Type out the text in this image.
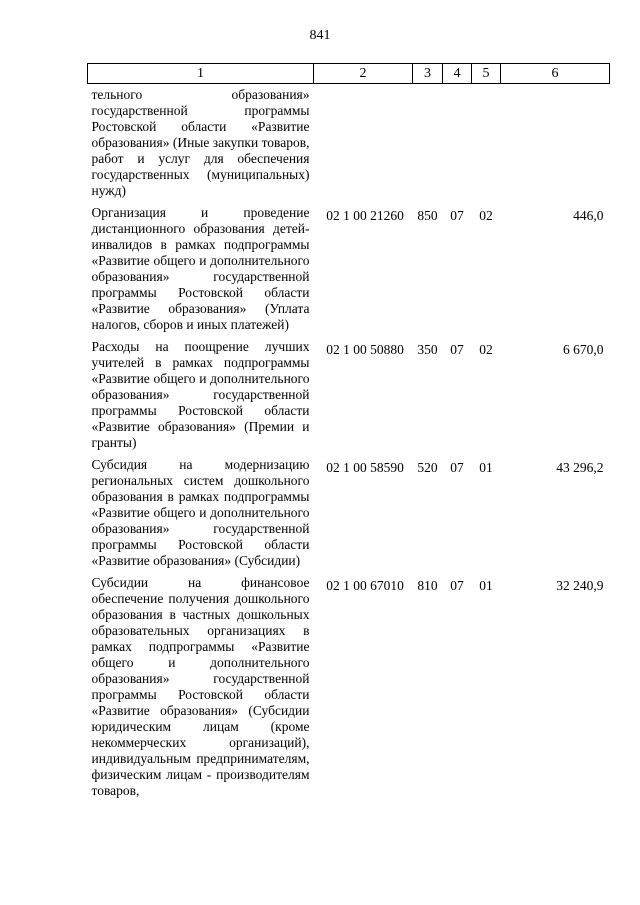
841
1	2	3	4	5	6
тельного образования» государственной программы Ростовской области «Развитие образования» (Иные закупки товаров, работ и услуг для обеспечения государственных (муниципальных) нужд)					
Организация и проведение дистанционного образования детей-инвалидов в рамках подпрограммы «Развитие общего и дополнительного образования» государственной программы Ростовской области «Развитие образования» (Уплата налогов, сборов и иных платежей)	02 1 00 21260	850	07	02	446,0
Расходы на поощрение лучших учителей в рамках подпрограммы «Развитие общего и дополнительного образования» государственной программы Ростовской области «Развитие образования» (Премии и гранты)	02 1 00 50880	350	07	02	6 670,0
Субсидия на модернизацию региональных систем дошкольного образования в рамках подпрограммы «Развитие общего и дополнительного образования» государственной программы Ростовской области «Развитие образования» (Субсидии)	02 1 00 58590	520	07	01	43 296,2
Субсидии на финансовое обеспечение получения дошкольного образования в частных дошкольных образовательных организациях в рамках подпрограммы «Развитие общего и дополнительного образования» государственной программы Ростовской области «Развитие образования» (Субсидии юридическим лицам (кроме некоммерческих организаций), индивидуальным предпринимателям, физическим лицам - производителям товаров,	02 1 00 67010	810	07	01	32 240,9
